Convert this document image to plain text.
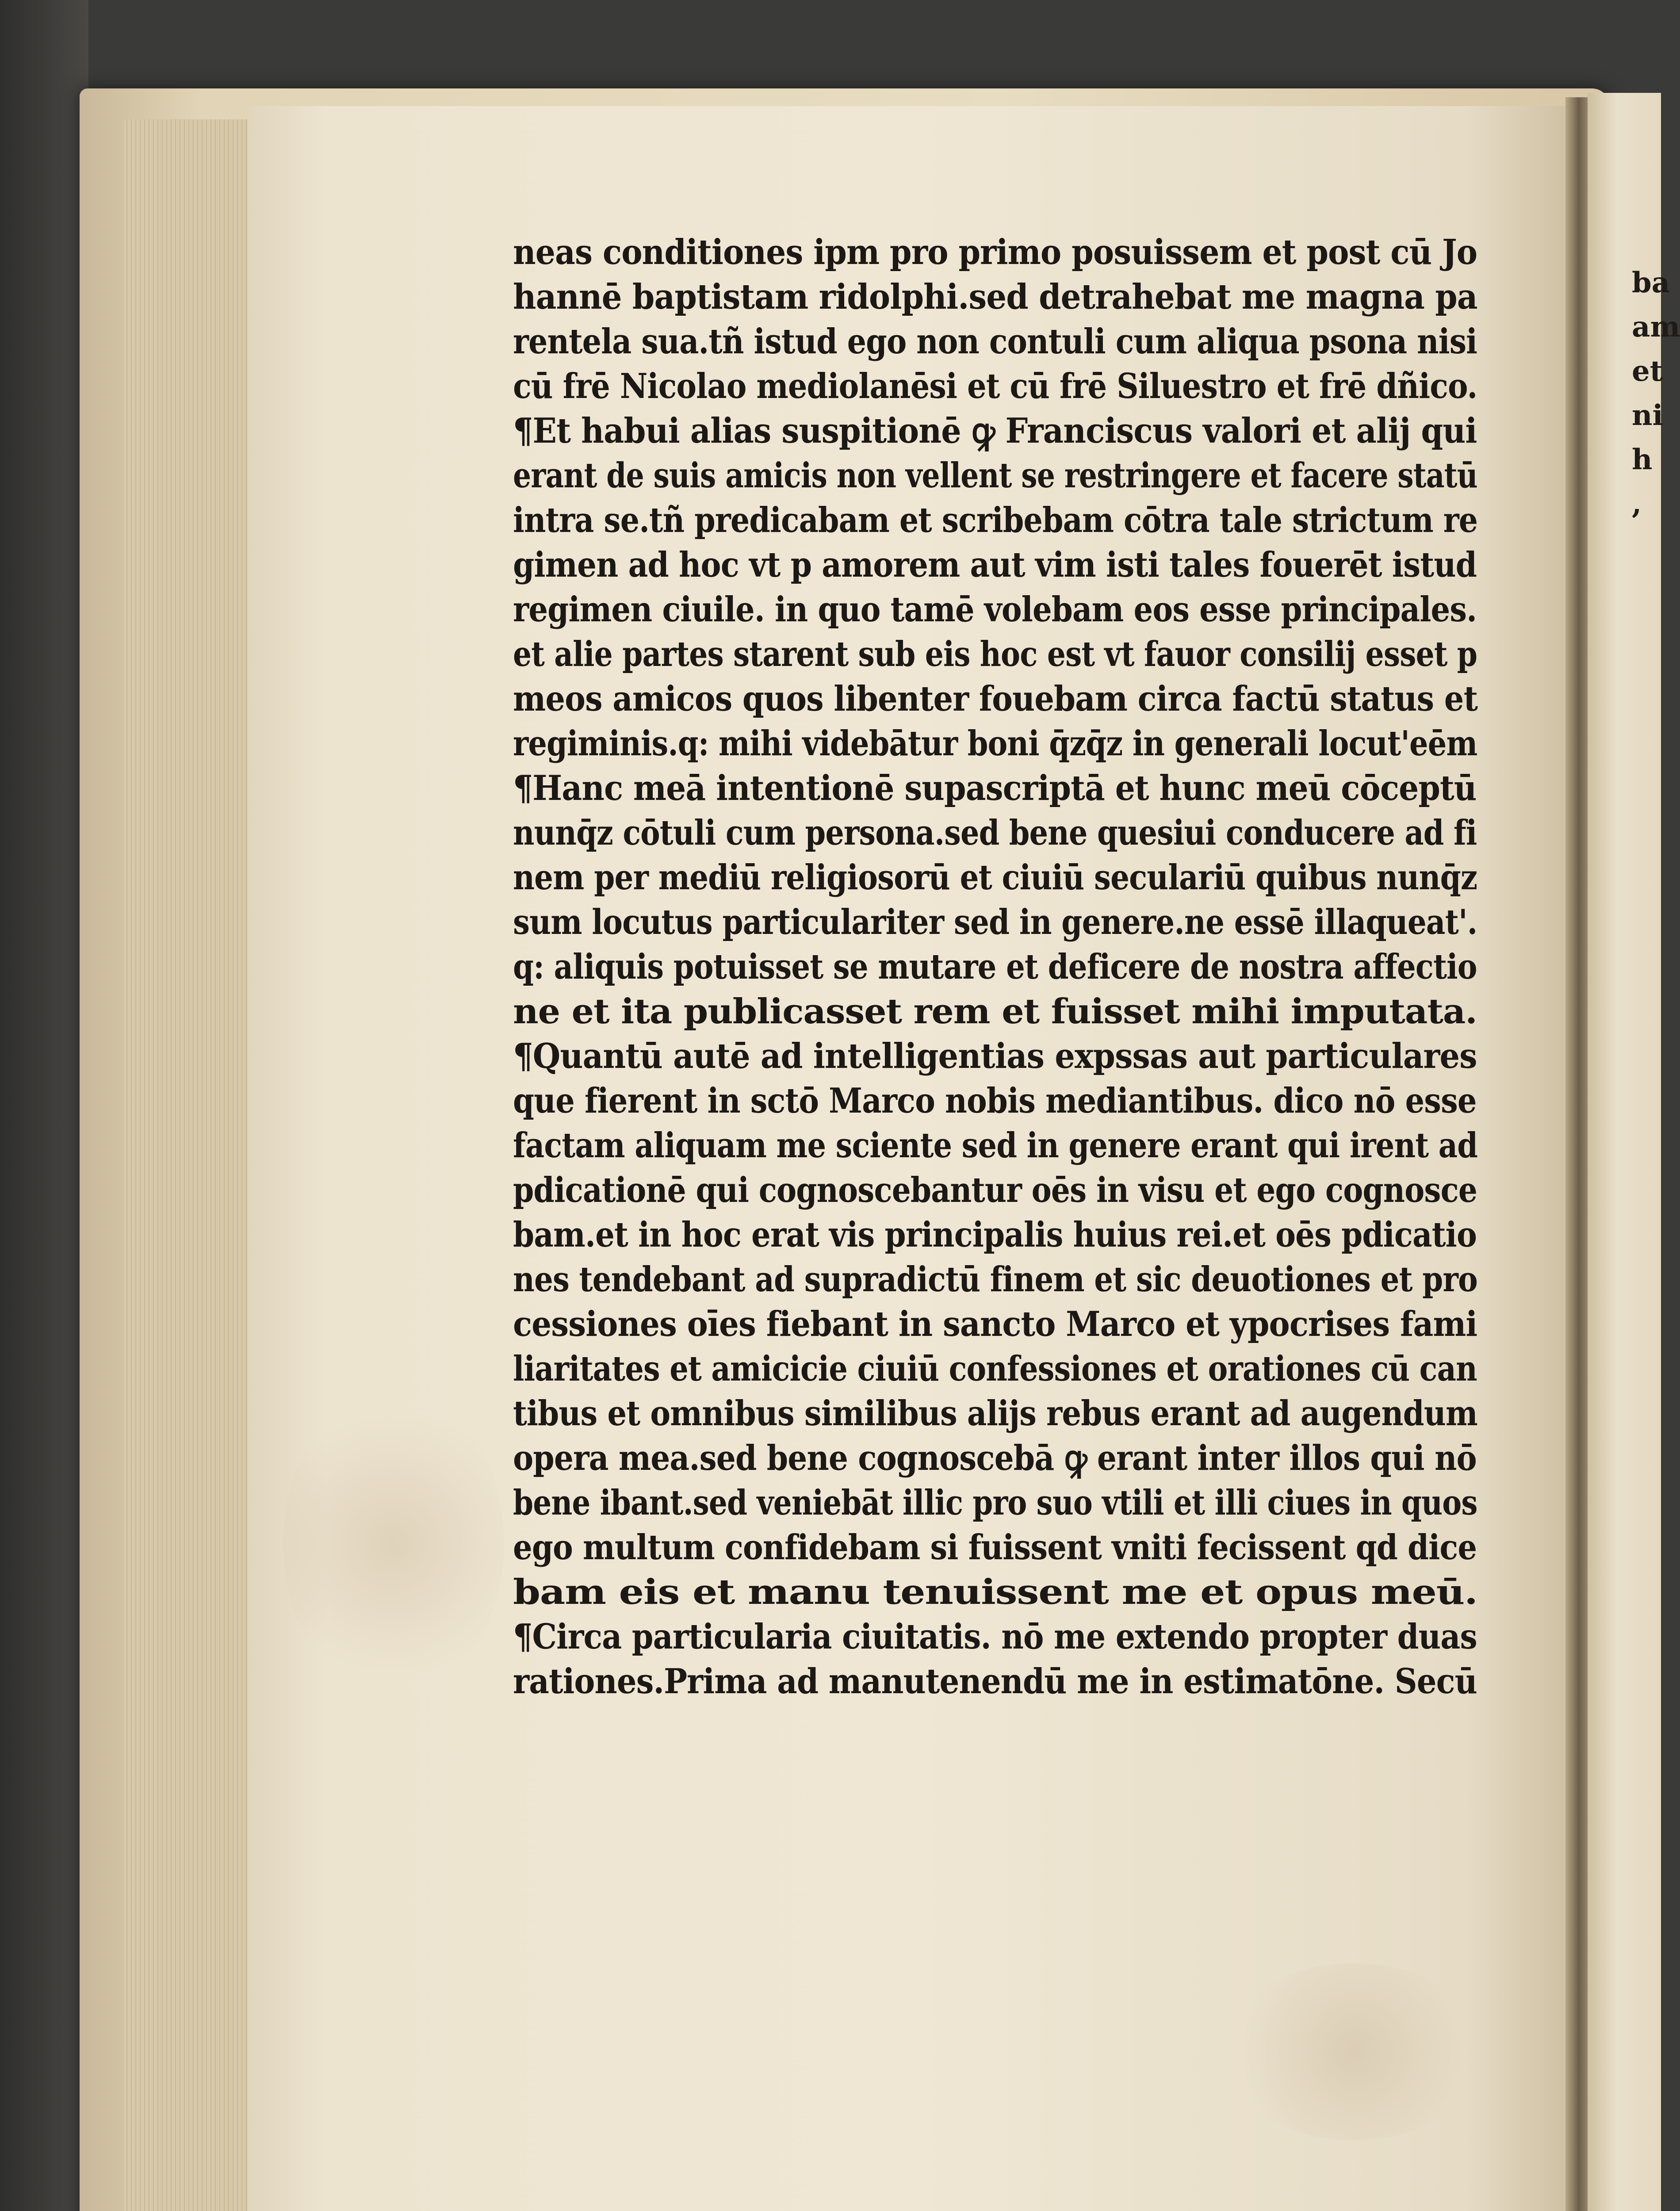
ba
am
et
ni
h
,
neas conditiones ipm pro primo posuissem et post cū Jo
hannē baptistam ridolphi.sed detrahebat me magna pa
rentela sua.tñ istud ego non contuli cum aliqua psona nisi
cū frē Nicolao mediolanēsi et cū frē Siluestro et frē dñico.
¶Et habui alias suspitionē ꝙ Franciscus valori et alij qui
erant de suis amicis non vellent se restringere et facere statū
intra se.tñ predicabam et scribebam cōtra tale strictum re
gimen ad hoc vt p amorem aut vim isti tales fouerēt istud
regimen ciuile. in quo tamē volebam eos esse principales.
et alie partes starent sub eis hoc est vt fauor consilij esset p
meos amicos quos libenter fouebam circa factū status et
regiminis.q: mihi videbātur boni q̄zq̄z in generali locut'eēm
¶Hanc meā intentionē supascriptā et hunc meū cōceptū
nunq̄z cōtuli cum persona.sed bene quesiui conducere ad fi
nem per mediū religiosorū et ciuiū seculariū quibus nunq̄z
sum locutus particulariter sed in genere.ne essē illaqueat'.
q: aliquis potuisset se mutare et deficere de nostra affectio
ne et ita publicasset rem et fuisset mihi imputata.
¶Quantū autē ad intelligentias expssas aut particulares
que fierent in sctō Marco nobis mediantibus. dico nō esse
factam aliquam me sciente sed in genere erant qui irent ad
pdicationē qui cognoscebantur oēs in visu et ego cognosce
bam.et in hoc erat vis principalis huius rei.et oēs pdicatio
nes tendebant ad supradictū finem et sic deuotiones et pro
cessiones oīes fiebant in sancto Marco et ypocrises fami
liaritates et amicicie ciuiū confessiones et orationes cū can
tibus et omnibus similibus alijs rebus erant ad augendum
opera mea.sed bene cognoscebā ꝙ erant inter illos qui nō
bene ibant.sed veniebāt illic pro suo vtili et illi ciues in quos
ego multum confidebam si fuissent vniti fecissent qd dice
bam eis et manu tenuissent me et opus meū.
¶Circa particularia ciuitatis. nō me extendo propter duas
rationes.Prima ad manutenendū me in estimatōne. Secū
